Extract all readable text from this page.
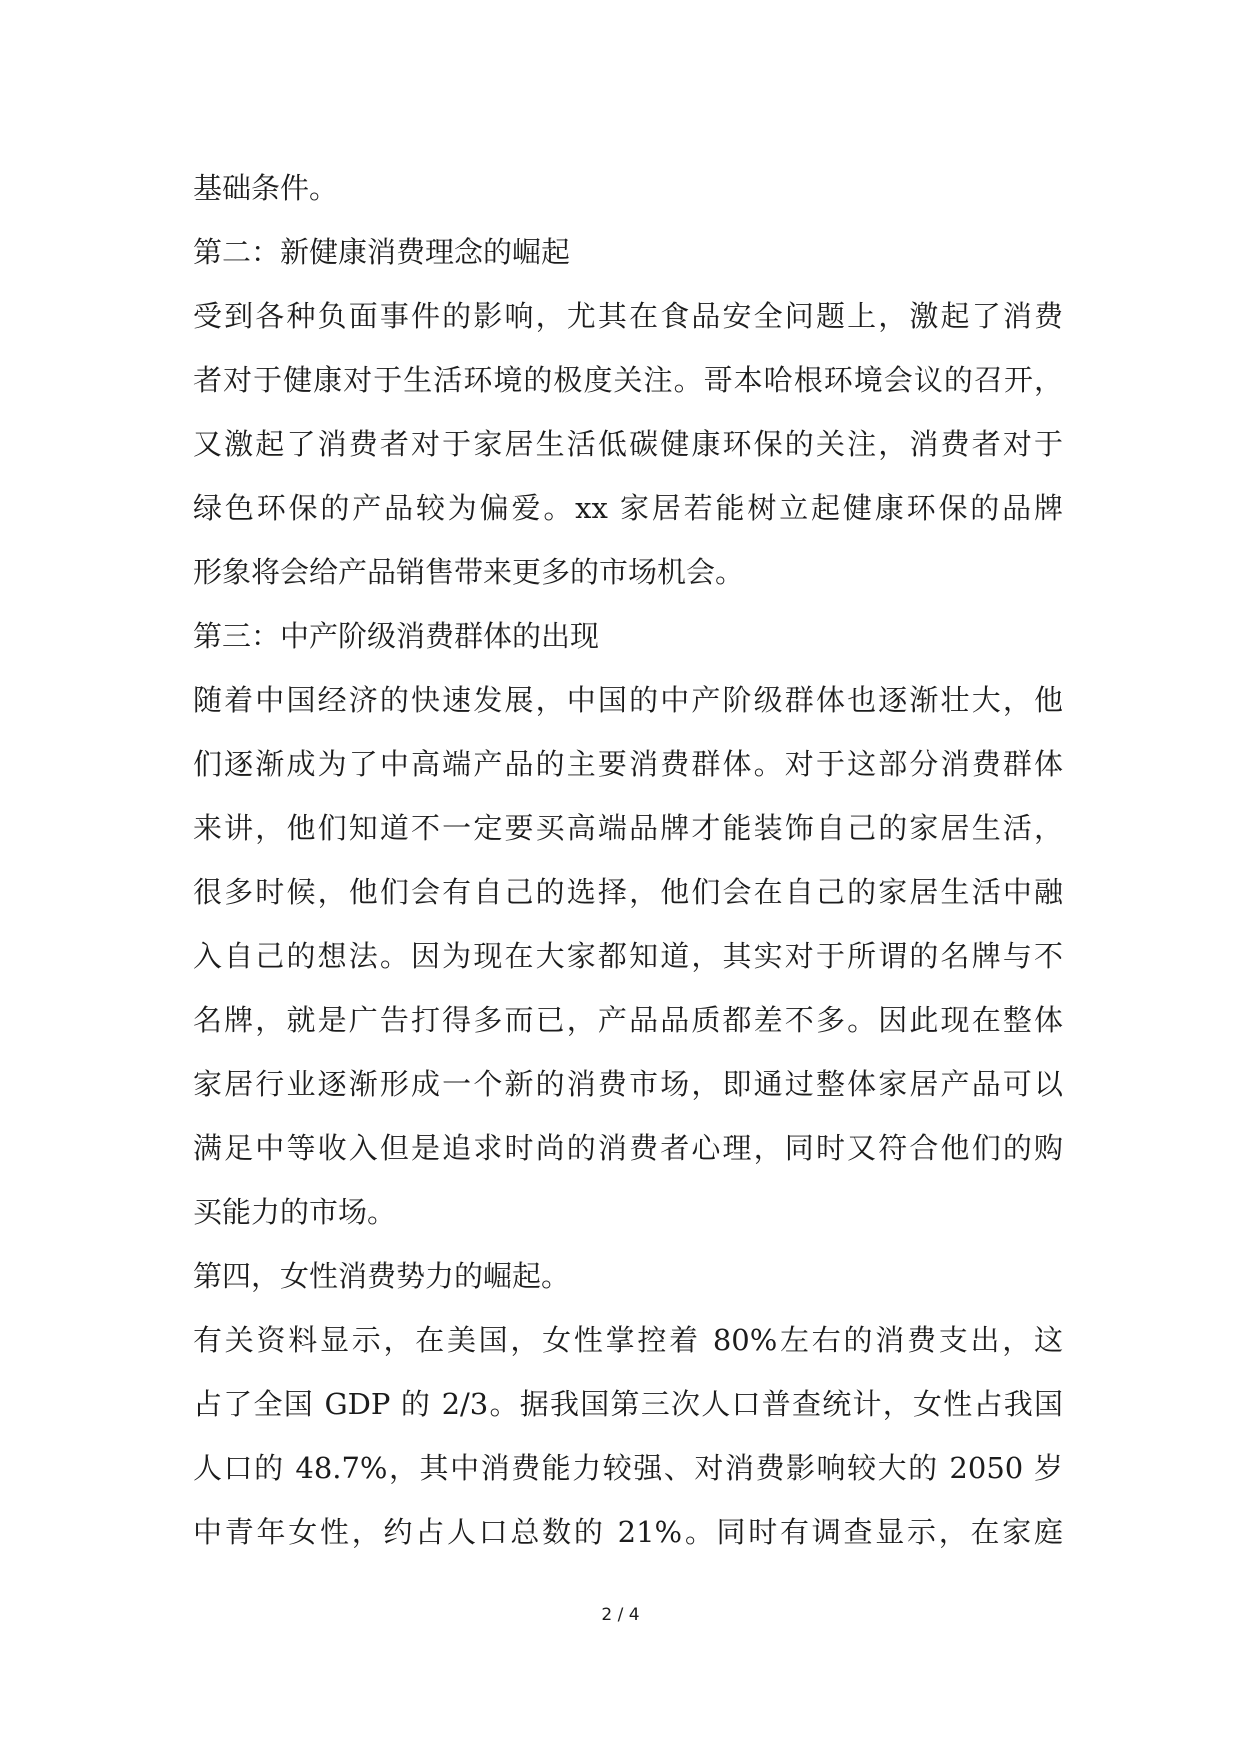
基础条件。
第二：新健康消费理念的崛起
受到各种负面事件的影响，尤其在食品安全问题上，激起了消费
者对于健康对于生活环境的极度关注。哥本哈根环境会议的召开，
又激起了消费者对于家居生活低碳健康环保的关注，消费者对于
绿色环保的产品较为偏爱。xx 家居若能树立起健康环保的品牌
形象将会给产品销售带来更多的市场机会。
第三：中产阶级消费群体的出现
随着中国经济的快速发展，中国的中产阶级群体也逐渐壮大，他
们逐渐成为了中高端产品的主要消费群体。对于这部分消费群体
来讲，他们知道不一定要买高端品牌才能装饰自己的家居生活，
很多时候，他们会有自己的选择，他们会在自己的家居生活中融
入自己的想法。因为现在大家都知道，其实对于所谓的名牌与不
名牌，就是广告打得多而已，产品品质都差不多。因此现在整体
家居行业逐渐形成一个新的消费市场，即通过整体家居产品可以
满足中等收入但是追求时尚的消费者心理，同时又符合他们的购
买能力的市场。
第四，女性消费势力的崛起。
有关资料显示，在美国，女性掌控着 80%左右的消费支出，这
占了全国 GDP 的 2/3。据我国第三次人口普查统计，女性占我国
人口的 48.7%，其中消费能力较强、对消费影响较大的 2050 岁
中青年女性，约占人口总数的 21%。同时有调查显示，在家庭
2 / 4
